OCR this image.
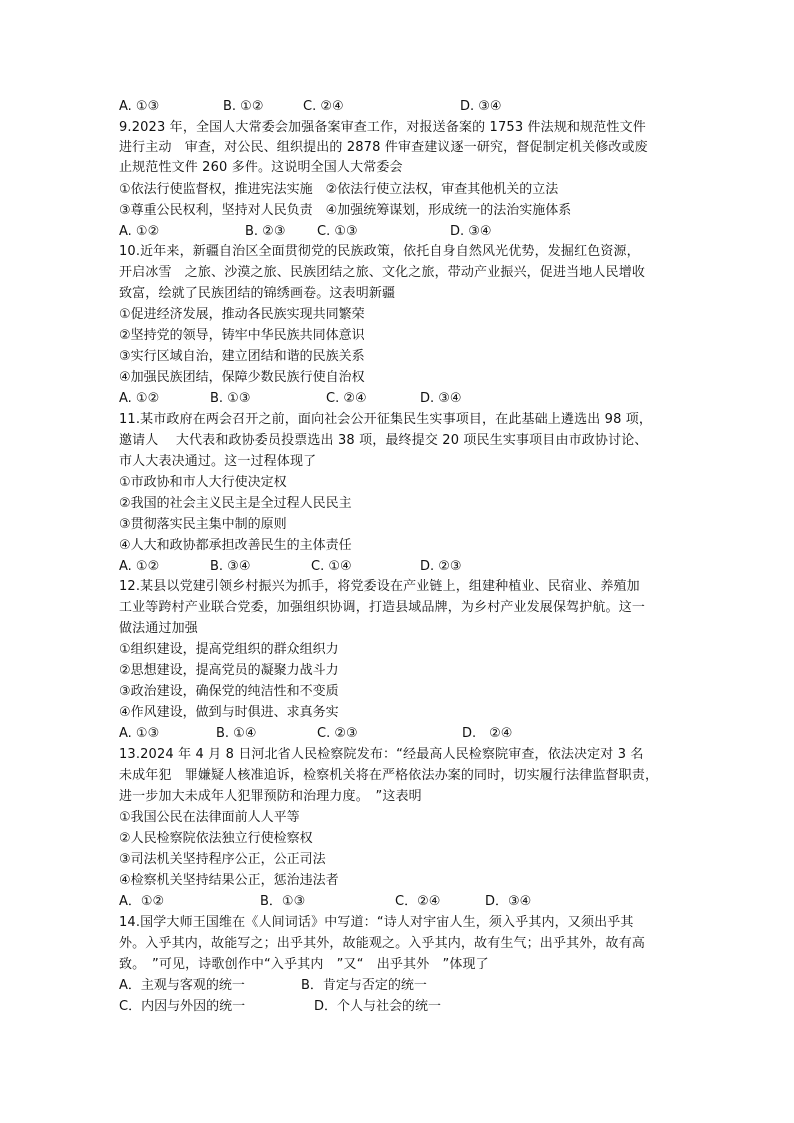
A. ①③	B. ①②	C. ②④	D. ③④
9.2023 年，全国人大常委会加强备案审查工作，对报送备案的 1753 件法规和规范性文件
进行主动　审查，对公民、组织提出的 2878 件审查建议逐一研究，督促制定机关修改或废
止规范性文件 260 多件。这说明全国人大常委会
①依法行使监督权，推进宪法实施　②依法行使立法权，审查其他机关的立法
③尊重公民权利，坚持对人民负责　④加强统筹谋划，形成统一的法治实施体系
A. ①②	B. ②③ C. ①③	D. ③④
10.近年来，新疆自治区全面贯彻党的民族政策，依托自身自然风光优势，发掘红色资源，
开启冰雪　之旅、沙漠之旅、民族团结之旅、文化之旅，带动产业振兴，促进当地人民增收
致富，绘就了民族团结的锦绣画卷。这表明新疆
①促进经济发展，推动各民族实现共同繁荣
②坚持党的领导，铸牢中华民族共同体意识
③实行区域自治，建立团结和谐的民族关系
④加强民族团结，保障少数民族行使自治权
A. ①②	B. ①③	C. ②④	D. ③④
11.某市政府在两会召开之前，面向社会公开征集民生实事项目，在此基础上遴选出 98 项，
邀请人　 大代表和政协委员投票选出 38 项，最终提交 20 项民生实事项目由市政协讨论、
市人大表决通过。这一过程体现了
①市政协和市人大行使决定权
②我国的社会主义民主是全过程人民民主
③贯彻落实民主集中制的原则
④人大和政协都承担改善民生的主体责任
A. ①②	B. ③④	C. ①④	D. ②③
12.某县以党建引领乡村振兴为抓手，将党委设在产业链上，组建种植业、民宿业、养殖加
工业等跨村产业联合党委，加强组织协调，打造县域品牌，为乡村产业发展保驾护航。这一
做法通过加强
①组织建设，提高党组织的群众组织力
②思想建设，提高党员的凝聚力战斗力
③政治建设，确保党的纯洁性和不变质
④作风建设，做到与时俱进、求真务实
A. ①③	B. ①④	C. ②③	D.　②④
13.2024 年 4 月 8 日河北省人民检察院发布：“经最高人民检察院审查，依法决定对 3 名
未成年犯　罪嫌疑人核准追诉，检察机关将在严格依法办案的同时，切实履行法律监督职责，
进一步加大未成年人犯罪预防和治理力度。　”这表明
①我国公民在法律面前人人平等
②人民检察院依法独立行使检察权
③司法机关坚持程序公正，公正司法
④检察机关坚持结果公正，惩治违法者
A．①②	B．①③	C．②④	D．③④
14.国学大师王国维在《人间词话》中写道：“诗人对宇宙人生，须入乎其内，又须出乎其
外。入乎其内，故能写之；出乎其外，故能观之。入乎其内，故有生气；出乎其外，故有高
致。　”可见，诗歌创作中“入乎其内　”又“　出乎其外　”体现了
A．主观与客观的统一	B．肯定与否定的统一
C．内因与外因的统一	D．个人与社会的统一
